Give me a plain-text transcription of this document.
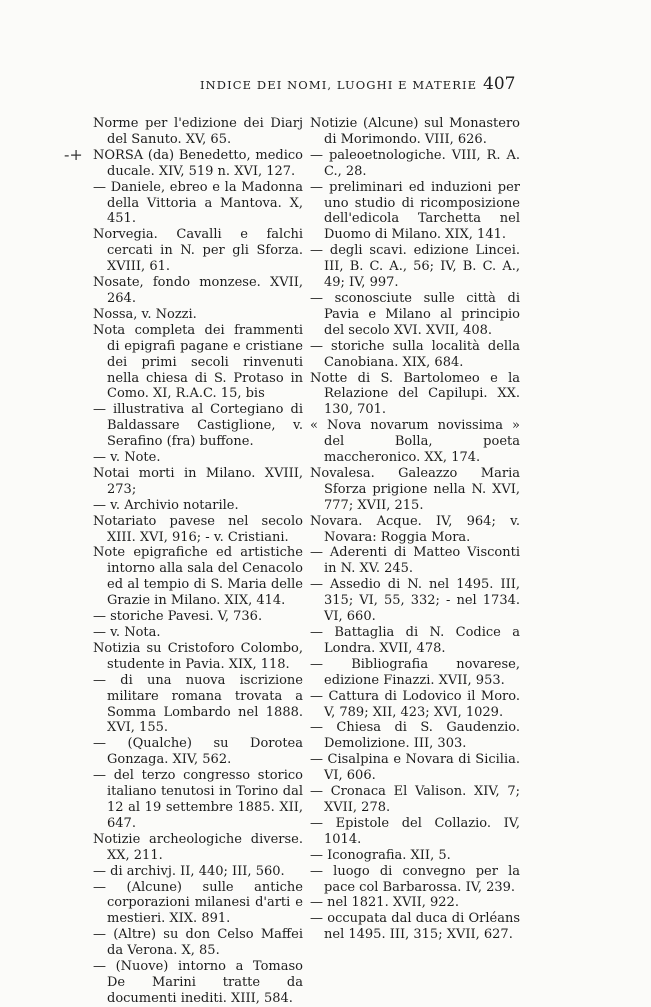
INDICE DEI NOMI, LUOGHI E MATERIE 407
-+

Norme per l'edizione dei Diarj del Sanuto. XV, 65.

NORSA (da) Benedetto, medico ducale. XIV, 519 n. XVI, 127.

— Daniele, ebreo e la Madonna della Vittoria a Mantova. X, 451.

Norvegia. Cavalli e falchi cercati in N. per gli Sforza. XVIII, 61.

Nosate, fondo monzese. XVII, 264.

Nossa, v. Nozzi.

Nota completa dei frammenti di epigrafi pagane e cristiane dei primi secoli rinvenuti nella chiesa di S. Protaso in Como. XI, R.A.C. 15, bis

— illustrativa al Cortegiano di Baldassare Castiglione, v. Serafino (fra) buffone.

— v. Note.

Notai morti in Milano. XVIII, 273;

— v. Archivio notarile.

Notariato pavese nel secolo XIII. XVI, 916; - v. Cristiani.

Note epigrafiche ed artistiche intorno alla sala del Cenacolo ed al tempio di S. Maria delle Grazie in Milano. XIX, 414.

— storiche Pavesi. V, 736.

— v. Nota.

Notizia su Cristoforo Colombo, studente in Pavia. XIX, 118.

— di una nuova iscrizione militare romana trovata a Somma Lombardo nel 1888. XVI, 155.

— (Qualche) su Dorotea Gonzaga. XIV, 562.

— del terzo congresso storico italiano tenutosi in Torino dal 12 al 19 settembre 1885. XII, 647.

Notizie archeologiche diverse. XX, 211.

— di archivj. II, 440; III, 560.

— (Alcune) sulle antiche corporazioni milanesi d'arti e mestieri. XIX. 891.

— (Altre) su don Celso Maffei da Verona. X, 85.

— (Nuove) intorno a Tomaso De Marini tratte da documenti inediti. XIII, 584.

Notizie (Alcune) sul Monastero di Morimondo. VIII, 626.

— paleoetnologiche. VIII, R. A. C., 28.

— preliminari ed induzioni per uno studio di ricomposizione dell'edicola Tarchetta nel Duomo di Milano. XIX, 141.

— degli scavi. edizione Lincei. III, B. C. A., 56; IV, B. C. A., 49; IV, 997.

— sconosciute sulle città di Pavia e Milano al principio del secolo XVI. XVII, 408.

— storiche sulla località della Canobiana. XIX, 684.

Notte di S. Bartolomeo e la Relazione del Capilupi. XX. 130, 701.

« Nova novarum novissima » del Bolla, poeta maccheronico. XX, 174.

Novalesa. Galeazzo Maria Sforza prigione nella N. XVI, 777; XVII, 215.

Novara. Acque. IV, 964; v. Novara: Roggia Mora.

— Aderenti di Matteo Visconti in N. XV. 245.

— Assedio di N. nel 1495. III, 315; VI, 55, 332; - nel 1734. VI, 660.

— Battaglia di N. Codice a Londra. XVII, 478.

— Bibliografia novarese, edizione Finazzi. XVII, 953.

— Cattura di Lodovico il Moro. V, 789; XII, 423; XVI, 1029.

— Chiesa di S. Gaudenzio. Demolizione. III, 303.

— Cisalpina e Novara di Sicilia. VI, 606.

— Cronaca El Valison. XIV, 7; XVII, 278.

— Epistole del Collazio. IV, 1014.

— Iconografia. XII, 5.

— luogo di convegno per la pace col Barbarossa. IV, 239.

— nel 1821. XVII, 922.

— occupata dal duca di Orléans nel 1495. III, 315; XVII, 627.
